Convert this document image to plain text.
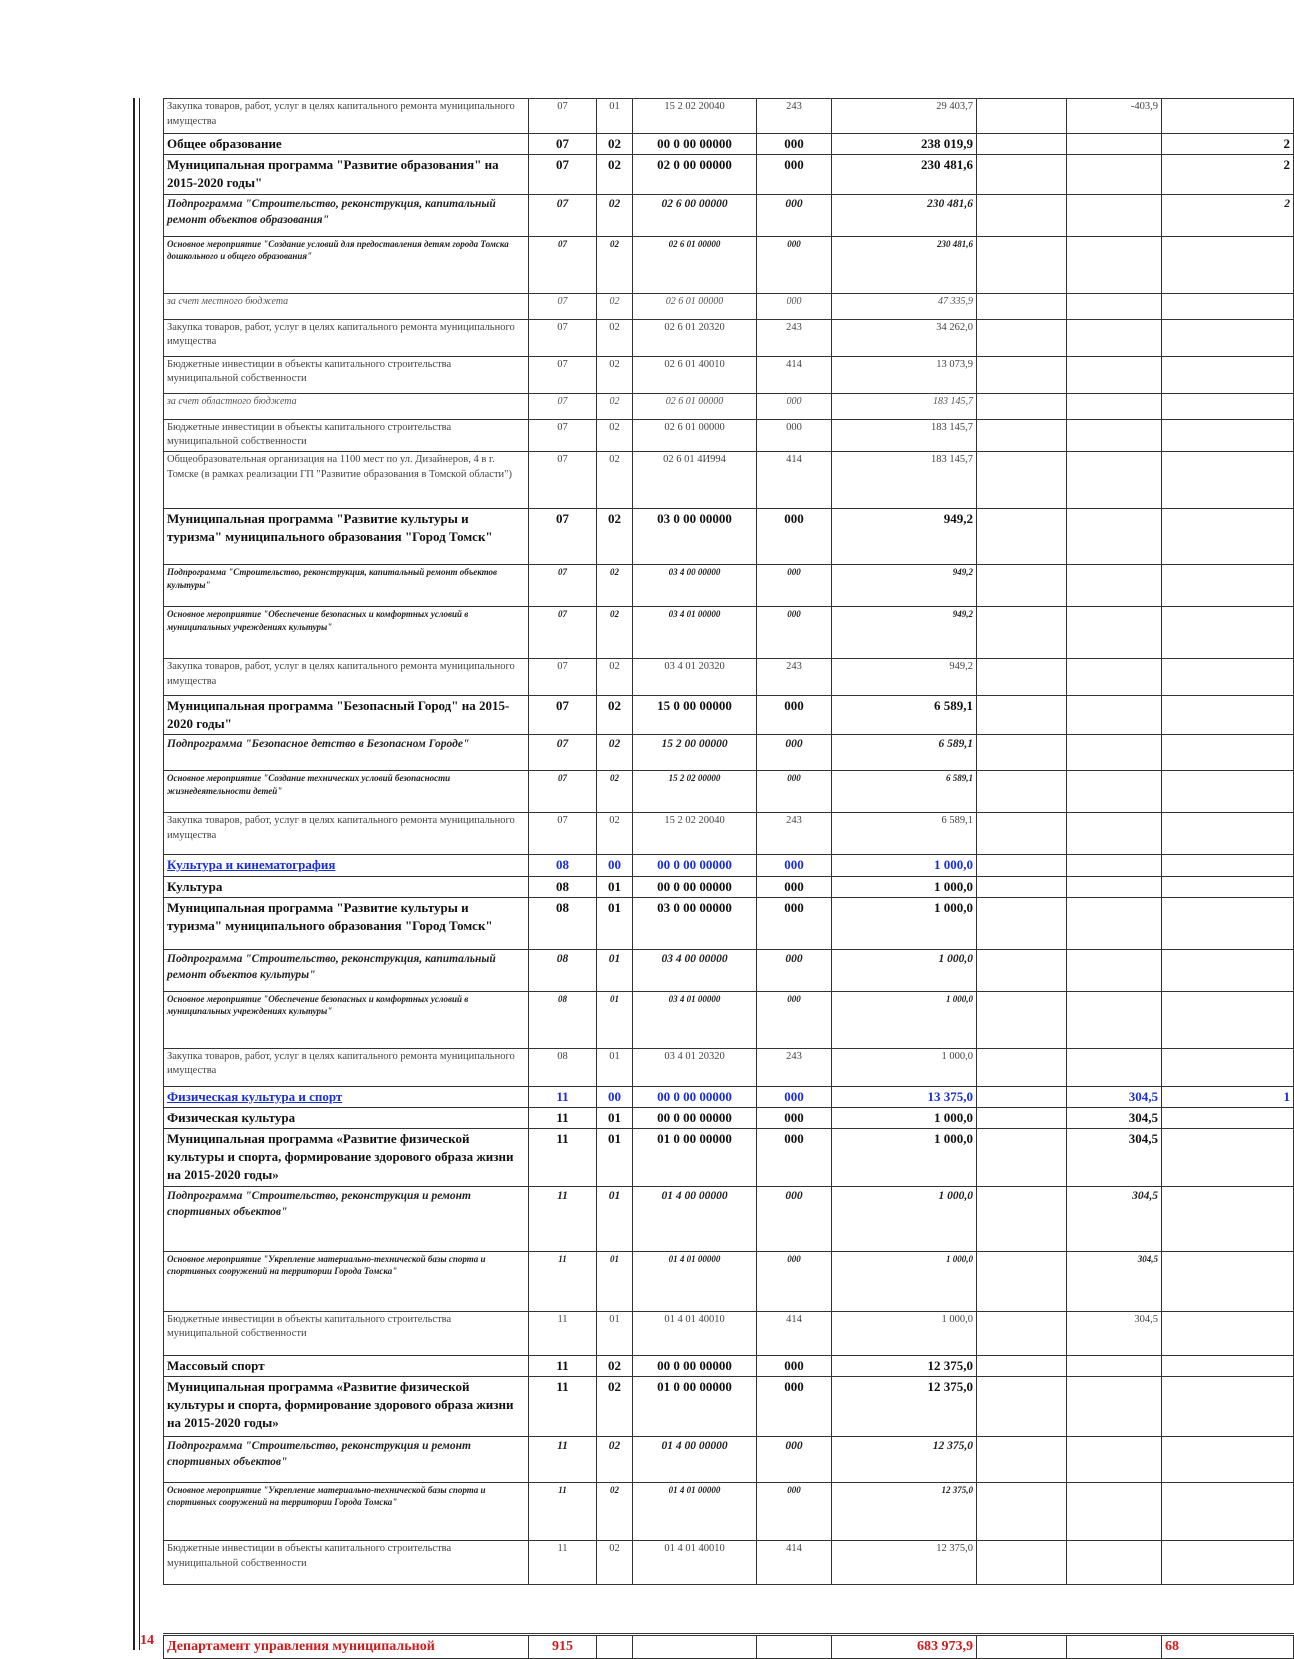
14
Закупка товаров, работ, услуг в целях капитального ремонта муниципального имущества	07	01	15 2 02 20040	243	29 403,7		-403,9	
Общее образование	07	02	00 0 00 00000	000	238 019,9			2
Муниципальная программа "Развитие образования" на 2015-2020 годы"	07	02	02 0 00 00000	000	230 481,6			2
Подпрограмма "Строительство, реконструкция, капитальный ремонт объектов образования"	07	02	02 6 00 00000	000	230 481,6			2
Основное мероприятие "Создание условий для предоставления детям города Томска дошкольного и общего образования"	07	02	02 6 01 00000	000	230 481,6			
за счет местного бюджета	07	02	02 6 01 00000	000	47 335,9			
Закупка товаров, работ, услуг в целях капитального ремонта муниципального имущества	07	02	02 6 01 20320	243	34 262,0			
Бюджетные инвестиции в объекты капитального строительства муниципальной собственности	07	02	02 6 01 40010	414	13 073,9			
за счет областного бюджета	07	02	02 6 01 00000	000	183 145,7			
Бюджетные инвестиции в объекты капитального строительства муниципальной собственности	07	02	02 6 01 00000	000	183 145,7			
Общеобразовательная организация на 1100 мест по ул. Дизайнеров, 4 в г. Томске (в рамках реализации ГП "Развитие образования в Томской области")	07	02	02 6 01 4И994	414	183 145,7			
Муниципальная программа "Развитие культуры и туризма" муниципального образования "Город Томск"	07	02	03 0 00 00000	000	949,2			
Подпрограмма "Строительство, реконструкция, капитальный ремонт объектов культуры"	07	02	03 4 00 00000	000	949,2			
Основное мероприятие "Обеспечение безопасных и комфортных условий в муниципальных учреждениях культуры"	07	02	03 4 01 00000	000	949,2			
Закупка товаров, работ, услуг в целях капитального ремонта муниципального имущества	07	02	03 4 01 20320	243	949,2			
Муниципальная программа "Безопасный Город" на 2015-2020 годы"	07	02	15 0 00 00000	000	6 589,1			
Подпрограмма "Безопасное детство в Безопасном Городе"	07	02	15 2 00 00000	000	6 589,1			
Основное мероприятие "Создание технических условий безопасности жизнедеятельности детей"	07	02	15 2 02 00000	000	6 589,1			
Закупка товаров, работ, услуг в целях капитального ремонта муниципального имущества	07	02	15 2 02 20040	243	6 589,1			
Культура и кинематография	08	00	00 0 00 00000	000	1 000,0			
Культура	08	01	00 0 00 00000	000	1 000,0			
Муниципальная программа "Развитие культуры и туризма" муниципального образования "Город Томск"	08	01	03 0 00 00000	000	1 000,0			
Подпрограмма "Строительство, реконструкция, капитальный ремонт объектов культуры"	08	01	03 4 00 00000	000	1 000,0			
Основное мероприятие "Обеспечение безопасных и комфортных условий в муниципальных учреждениях культуры"	08	01	03 4 01 00000	000	1 000,0			
Закупка товаров, работ, услуг в целях капитального ремонта муниципального имущества	08	01	03 4 01 20320	243	1 000,0			
Физическая культура и спорт	11	00	00 0 00 00000	000	13 375,0		304,5	1
Физическая культура	11	01	00 0 00 00000	000	1 000,0		304,5	
Муниципальная программа «Развитие физической культуры и спорта, формирование здорового образа жизни на 2015-2020 годы»	11	01	01 0 00 00000	000	1 000,0		304,5	
Подпрограмма "Строительство, реконструкция и ремонт спортивных объектов"	11	01	01 4 00 00000	000	1 000,0		304,5	
Основное мероприятие "Укрепление материально-технической базы спорта и спортивных сооружений на территории Города Томска"	11	01	01 4 01 00000	000	1 000,0		304,5	
Бюджетные инвестиции в объекты капитального строительства муниципальной собственности	11	01	01 4 01 40010	414	1 000,0		304,5	
Массовый спорт	11	02	00 0 00 00000	000	12 375,0			
Муниципальная программа «Развитие физической культуры и спорта, формирование здорового образа жизни на 2015-2020 годы»	11	02	01 0 00 00000	000	12 375,0			
Подпрограмма "Строительство, реконструкция и ремонт спортивных объектов"	11	02	01 4 00 00000	000	12 375,0			
Основное мероприятие "Укрепление материально-технической базы спорта и спортивных сооружений на территории Города Томска"	11	02	01 4 01 00000	000	12 375,0			
Бюджетные инвестиции в объекты капитального строительства муниципальной собственности	11	02	01 4 01 40010	414	12 375,0			
Департамент управления муниципальной	915				683 973,9			68
